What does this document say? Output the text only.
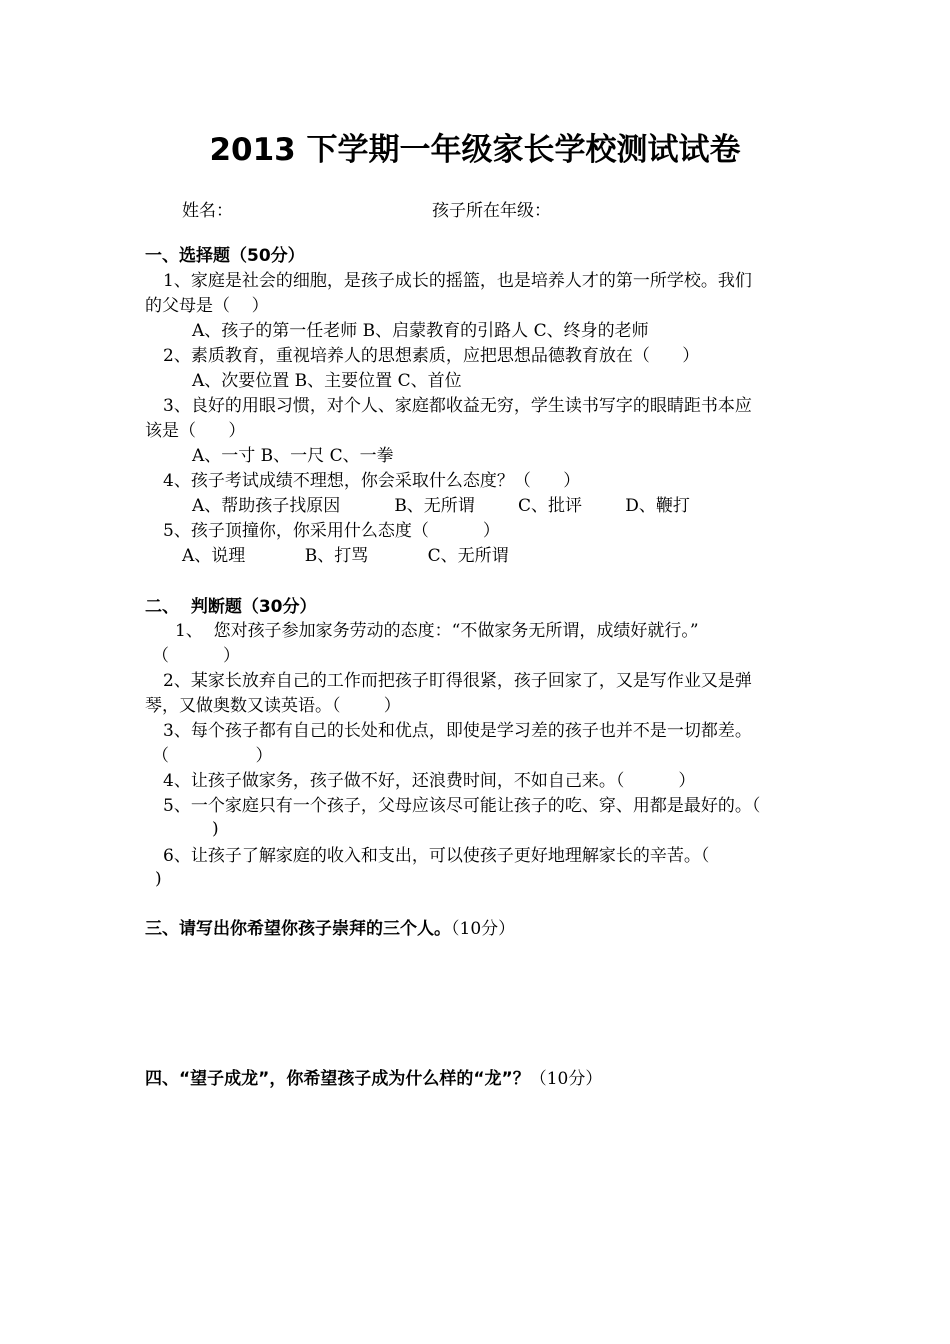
2013 下学期一年级家长学校测试试卷
姓名：	孩子所在年级：
一、选择题（50分）
1、家庭是社会的细胞，是孩子成长的摇篮，也是培养人才的第一所学校。我们
的父母是（    ）
A、孩子的第一任老师 B、启蒙教育的引路人 C、终身的老师
2、素质教育，重视培养人的思想素质，应把思想品德教育放在（      ）
A、次要位置 B、主要位置 C、首位
3、良好的用眼习惯，对个人、家庭都收益无穷，学生读书写字的眼睛距书本应
该是（      ）
A、一寸 B、一尺 C、一拳
4、孩子考试成绩不理想，你会采取什么态度？（      ）
A、帮助孩子找原因          B、无所谓        C、批评        D、鞭打
5、孩子顶撞你，你采用什么态度（          ）
A、说理           B、打骂           C、无所谓
二、  判断题（30分）
1、  您对孩子参加家务劳动的态度：“不做家务无所谓，成绩好就行。”
（          ）
2、某家长放弃自己的工作而把孩子盯得很紧，孩子回家了，又是写作业又是弹
琴，又做奥数又读英语。（        ）
3、每个孩子都有自己的长处和优点，即使是学习差的孩子也并不是一切都差。
（                ）
4、让孩子做家务，孩子做不好，还浪费时间，不如自己来。（          ）
5、一个家庭只有一个孩子，父母应该尽可能让孩子的吃、穿、用都是最好的。（
)
6、让孩子了解家庭的收入和支出，可以使孩子更好地理解家长的辛苦。（
)
三、请写出你希望你孩子崇拜的三个人。（10分）
四、“望子成龙”，你希望孩子成为什么样的“龙”？（10分）
